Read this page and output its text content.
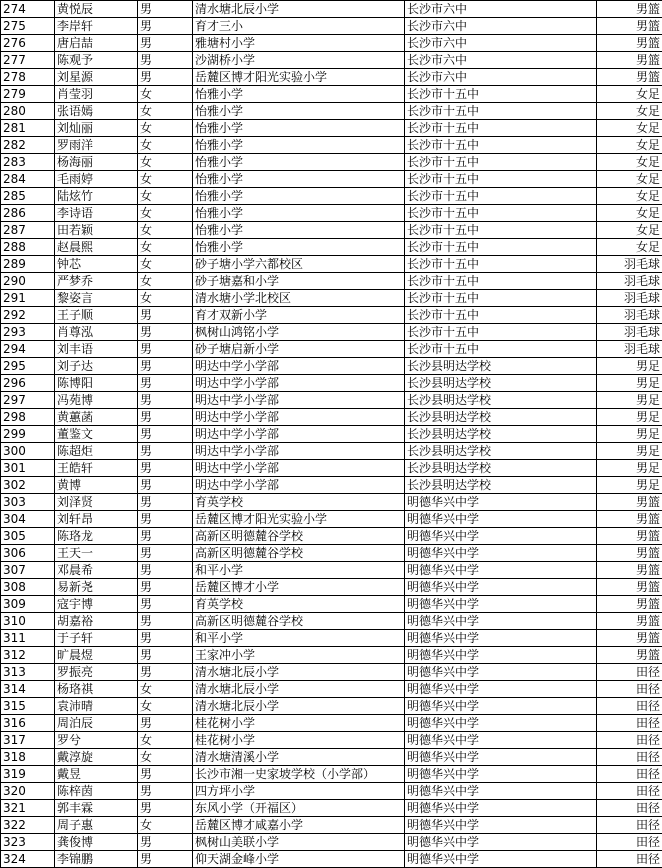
274	黄悦辰	男	清水塘北辰小学	长沙市六中	男篮
275	李岸轩	男	育才三小	长沙市六中	男篮
276	唐启喆	男	雅塘村小学	长沙市六中	男篮
277	陈观予	男	沙湖桥小学	长沙市六中	男篮
278	刘星源	男	岳麓区博才阳光实验小学	长沙市六中	男篮
279	肖莹羽	女	怡雅小学	长沙市十五中	女足
280	张语嫣	女	怡雅小学	长沙市十五中	女足
281	刘灿丽	女	怡雅小学	长沙市十五中	女足
282	罗雨洋	女	怡雅小学	长沙市十五中	女足
283	杨海丽	女	怡雅小学	长沙市十五中	女足
284	毛雨婷	女	怡雅小学	长沙市十五中	女足
285	陆炫竹	女	怡雅小学	长沙市十五中	女足
286	李诗语	女	怡雅小学	长沙市十五中	女足
287	田若颖	女	怡雅小学	长沙市十五中	女足
288	赵晨熙	女	怡雅小学	长沙市十五中	女足
289	钟芯	女	砂子塘小学六都校区	长沙市十五中	羽毛球
290	严梦乔	女	砂子塘嘉和小学	长沙市十五中	羽毛球
291	黎姿言	女	清水塘小学北校区	长沙市十五中	羽毛球
292	王子顺	男	育才双新小学	长沙市十五中	羽毛球
293	肖尊泓	男	枫树山鸿铭小学	长沙市十五中	羽毛球
294	刘丰语	男	砂子塘启新小学	长沙市十五中	羽毛球
295	刘子达	男	明达中学小学部	长沙县明达学校	男足
296	陈博阳	男	明达中学小学部	长沙县明达学校	男足
297	冯苑博	男	明达中学小学部	长沙县明达学校	男足
298	黄蕙菡	男	明达中学小学部	长沙县明达学校	男足
299	董鉴文	男	明达中学小学部	长沙县明达学校	男足
300	陈超炬	男	明达中学小学部	长沙县明达学校	男足
301	王皓轩	男	明达中学小学部	长沙县明达学校	男足
302	黄博	男	明达中学小学部	长沙县明达学校	男足
303	刘泽贤	男	育英学校	明德华兴中学	男篮
304	刘轩昂	男	岳麓区博才阳光实验小学	明德华兴中学	男篮
305	陈珞龙	男	高新区明德麓谷学校	明德华兴中学	男篮
306	王天一	男	高新区明德麓谷学校	明德华兴中学	男篮
307	邓晨希	男	和平小学	明德华兴中学	男篮
308	易新尧	男	岳麓区博才小学	明德华兴中学	男篮
309	寇宇博	男	育英学校	明德华兴中学	男篮
310	胡嘉裕	男	高新区明德麓谷学校	明德华兴中学	男篮
311	于子轩	男	和平小学	明德华兴中学	男篮
312	旷晨煜	男	王家冲小学	明德华兴中学	男篮
313	罗振亮	男	清水塘北辰小学	明德华兴中学	田径
314	杨珞祺	女	清水塘北辰小学	明德华兴中学	田径
315	袁沛晴	女	清水塘北辰小学	明德华兴中学	田径
316	周泊辰	男	桂花树小学	明德华兴中学	田径
317	罗兮	女	桂花树小学	明德华兴中学	田径
318	戴淳旋	女	清水塘清溪小学	明德华兴中学	田径
319	戴昱	男	长沙市湘一史家坡学校（小学部）	明德华兴中学	田径
320	陈梓茵	男	四方坪小学	明德华兴中学	田径
321	郭丰霖	男	东风小学（开福区）	明德华兴中学	田径
322	周子惠	女	岳麓区博才咸嘉小学	明德华兴中学	田径
323	龚俊博	男	枫树山美联小学	明德华兴中学	田径
324	李锦鹏	男	仰天湖金峰小学	明德华兴中学	田径
